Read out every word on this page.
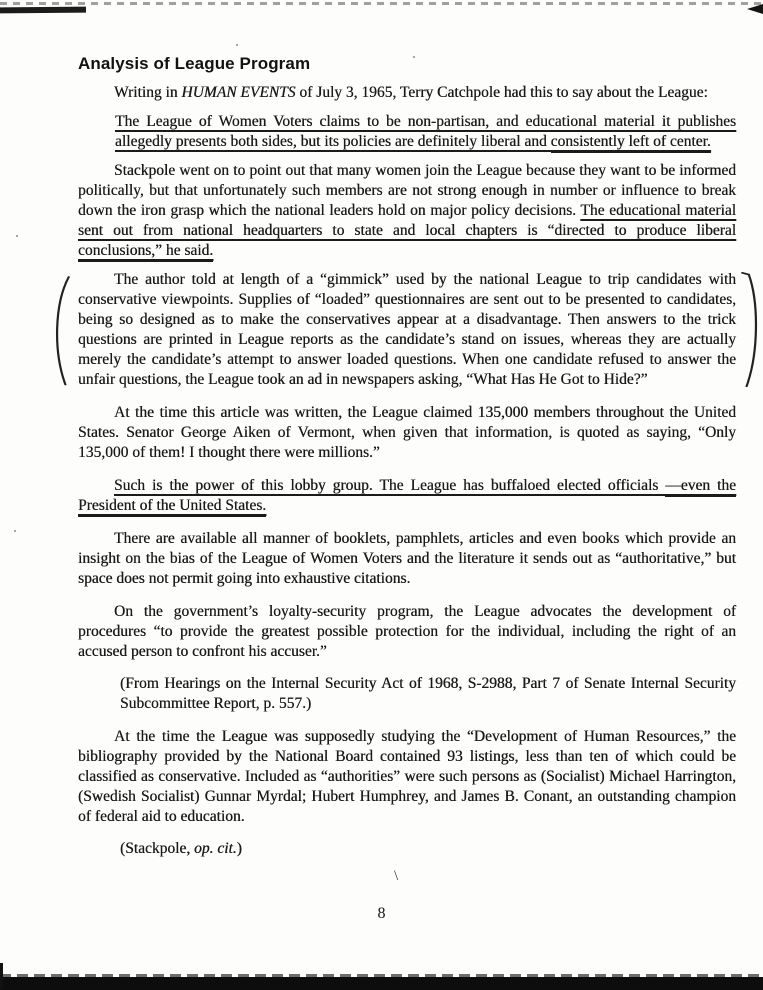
Analysis of League Program

Writing in HUMAN EVENTS of July 3, 1965, Terry Catchpole had this to say about the League:

The League of Women Voters claims to be non-partisan, and educational material it publishes allegedly presents both sides, but its policies are definitely liberal and consistently left of center.

Stackpole went on to point out that many women join the League because they want to be informed politically, but that unfortunately such members are not strong enough in number or influence to break down the iron grasp which the national leaders hold on major policy decisions. The educational material sent out from national headquarters to state and local chapters is “directed to produce liberal conclusions,” he said.

The author told at length of a “gimmick” used by the national League to trip candidates with conservative viewpoints. Supplies of “loaded” questionnaires are sent out to be presented to candidates, being so designed as to make the conservatives appear at a disadvantage. Then answers to the trick questions are printed in League reports as the candidate’s stand on issues, whereas they are actually merely the candidate’s attempt to answer loaded questions. When one candidate refused to answer the unfair questions, the League took an ad in newspapers asking, “What Has He Got to Hide?”

At the time this article was written, the League claimed 135,000 members throughout the United States. Senator George Aiken of Vermont, when given that information, is quoted as saying, “Only 135,000 of them! I thought there were millions.”

Such is the power of this lobby group. The League has buffaloed elected officials —even the President of the United States.

There are available all manner of booklets, pamphlets, articles and even books which provide an insight on the bias of the League of Women Voters and the literature it sends out as “authoritative,” but space does not permit going into exhaustive citations.

On the government’s loyalty-security program, the League advocates the development of procedures “to provide the greatest possible protection for the individual, including the right of an accused person to confront his accuser.”

(From Hearings on the Internal Security Act of 1968, S-2988, Part 7 of Senate Internal Security Subcommittee Report, p. 557.)

At the time the League was supposedly studying the “Development of Human Resources,” the bibliography provided by the National Board contained 93 listings, less than ten of which could be classified as conservative. Included as “authorities” were such persons as (Socialist) Michael Harrington, (Swedish Socialist) Gunnar Myrdal; Hubert Humphrey, and James B. Conant, an outstanding champion of federal aid to education.

(Stackpole, op. cit.)

\
8
